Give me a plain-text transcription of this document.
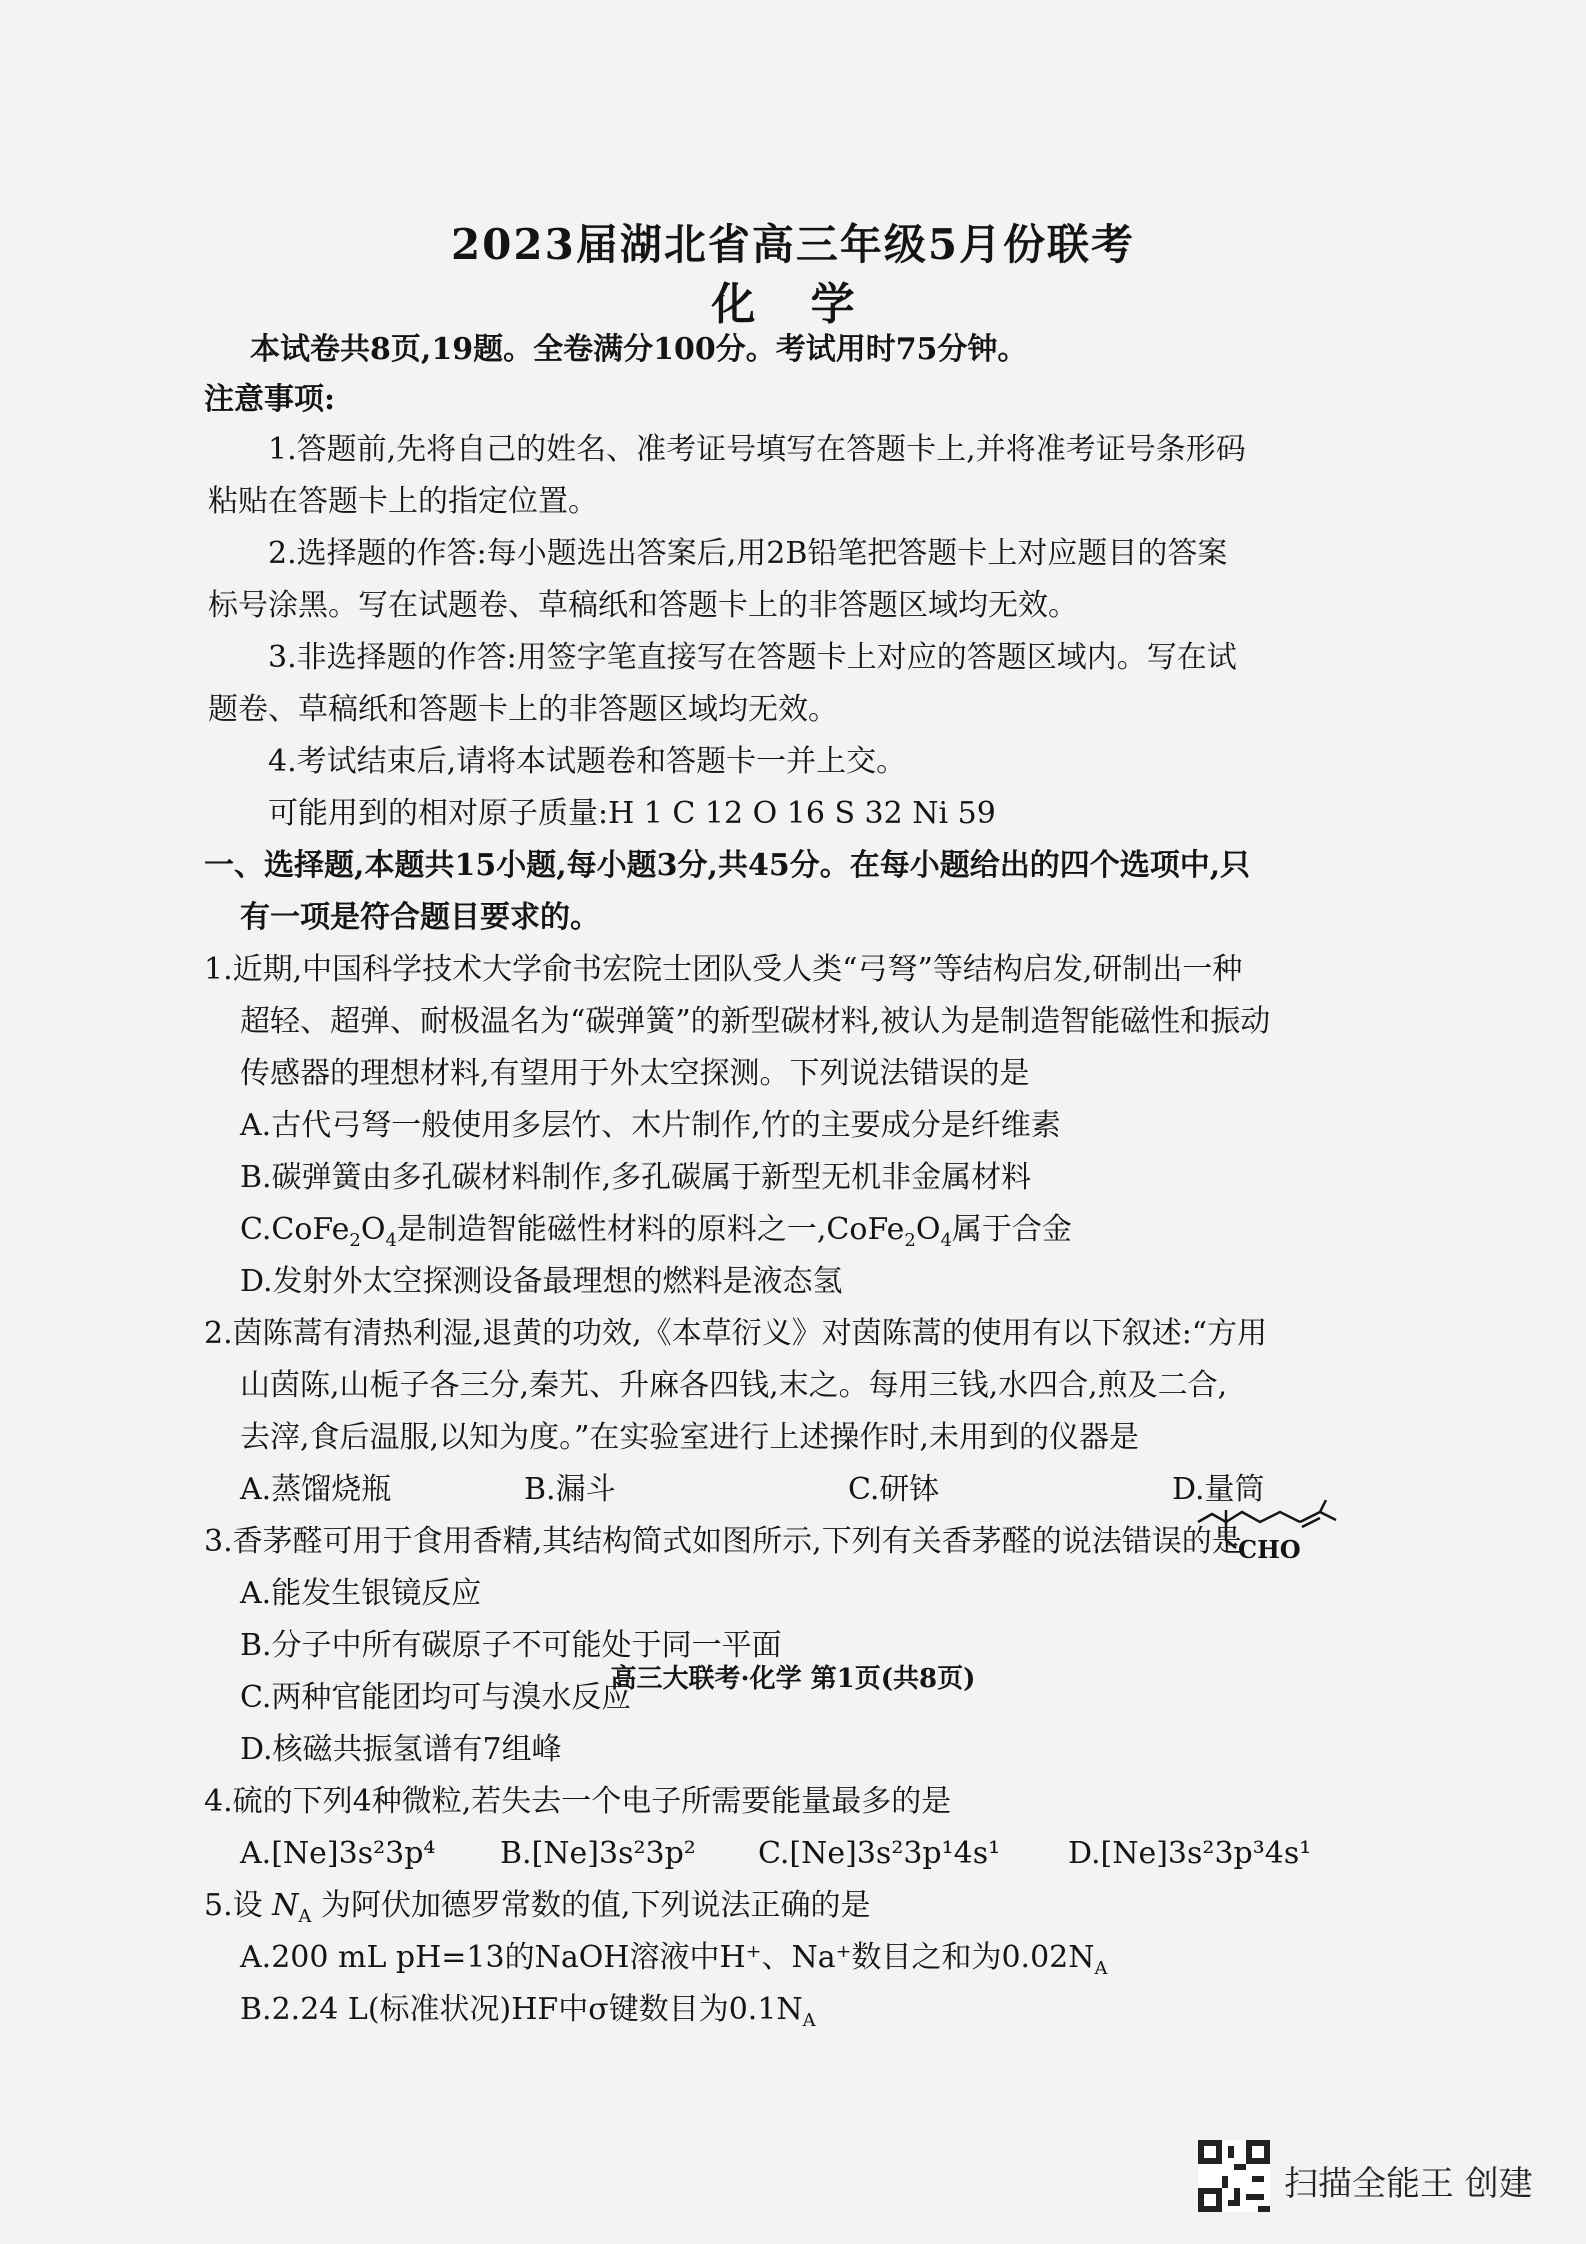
2023届湖北省高三年级5月份联考
化 学
本试卷共8页,19题。全卷满分100分。考试用时75分钟。
注意事项:
1.答题前,先将自己的姓名、准考证号填写在答题卡上,并将准考证号条形码
粘贴在答题卡上的指定位置。
2.选择题的作答:每小题选出答案后,用2B铅笔把答题卡上对应题目的答案
标号涂黑。写在试题卷、草稿纸和答题卡上的非答题区域均无效。
3.非选择题的作答:用签字笔直接写在答题卡上对应的答题区域内。写在试
题卷、草稿纸和答题卡上的非答题区域均无效。
4.考试结束后,请将本试题卷和答题卡一并上交。
可能用到的相对原子质量:H 1 C 12 O 16 S 32 Ni 59
一、选择题,本题共15小题,每小题3分,共45分。在每小题给出的四个选项中,只
有一项是符合题目要求的。
1.近期,中国科学技术大学俞书宏院士团队受人类“弓弩”等结构启发,研制出一种
超轻、超弹、耐极温名为“碳弹簧”的新型碳材料,被认为是制造智能磁性和振动
传感器的理想材料,有望用于外太空探测。下列说法错误的是
A.古代弓弩一般使用多层竹、木片制作,竹的主要成分是纤维素
B.碳弹簧由多孔碳材料制作,多孔碳属于新型无机非金属材料
$C.CoFe_2O_4$是制造智能磁性材料的原料之一$,CoFe_2O_4$属于合金
D.发射外太空探测设备最理想的燃料是液态氢
2.茵陈蒿有清热利湿,退黄的功效,《本草衍义》对茵陈蒿的使用有以下叙述:“方用
山茵陈,山栀子各三分,秦艽、升麻各四钱,末之。每用三钱,水四合,煎及二合,
去滓,食后温服,以知为度。”在实验室进行上述操作时,未用到的仪器是
A.蒸馏烧瓶	B.漏斗	C.研钵	D.量筒
3.香茅醛可用于食用香精,其结构简式如图所示,下列有关香茅醛的说法错误的是
A.能发生银镜反应
B.分子中所有碳原子不可能处于同一平面
C.两种官能团均可与溴水反应
D.核磁共振氢谱有7组峰
4.硫的下列4种微粒,若失去一个电子所需要能量最多的是
A.[Ne]3s²3p⁴ B.[Ne]3s²3p² C.[Ne]3s²3p¹4s¹ D.[Ne]3s²3p³4s¹
5.设 $N_A$ 为阿伏加德罗常数的值,下列说法正确的是
A.200 mL pH=13的NaOH溶液中H⁺、Na⁺数目之和为$0.02N_A$
B.2.24 L(标准状况)HF中σ键数目为$0.1N_A$
CHO
高三大联考·化学 第1页(共8页)
扫描全能王 创建
